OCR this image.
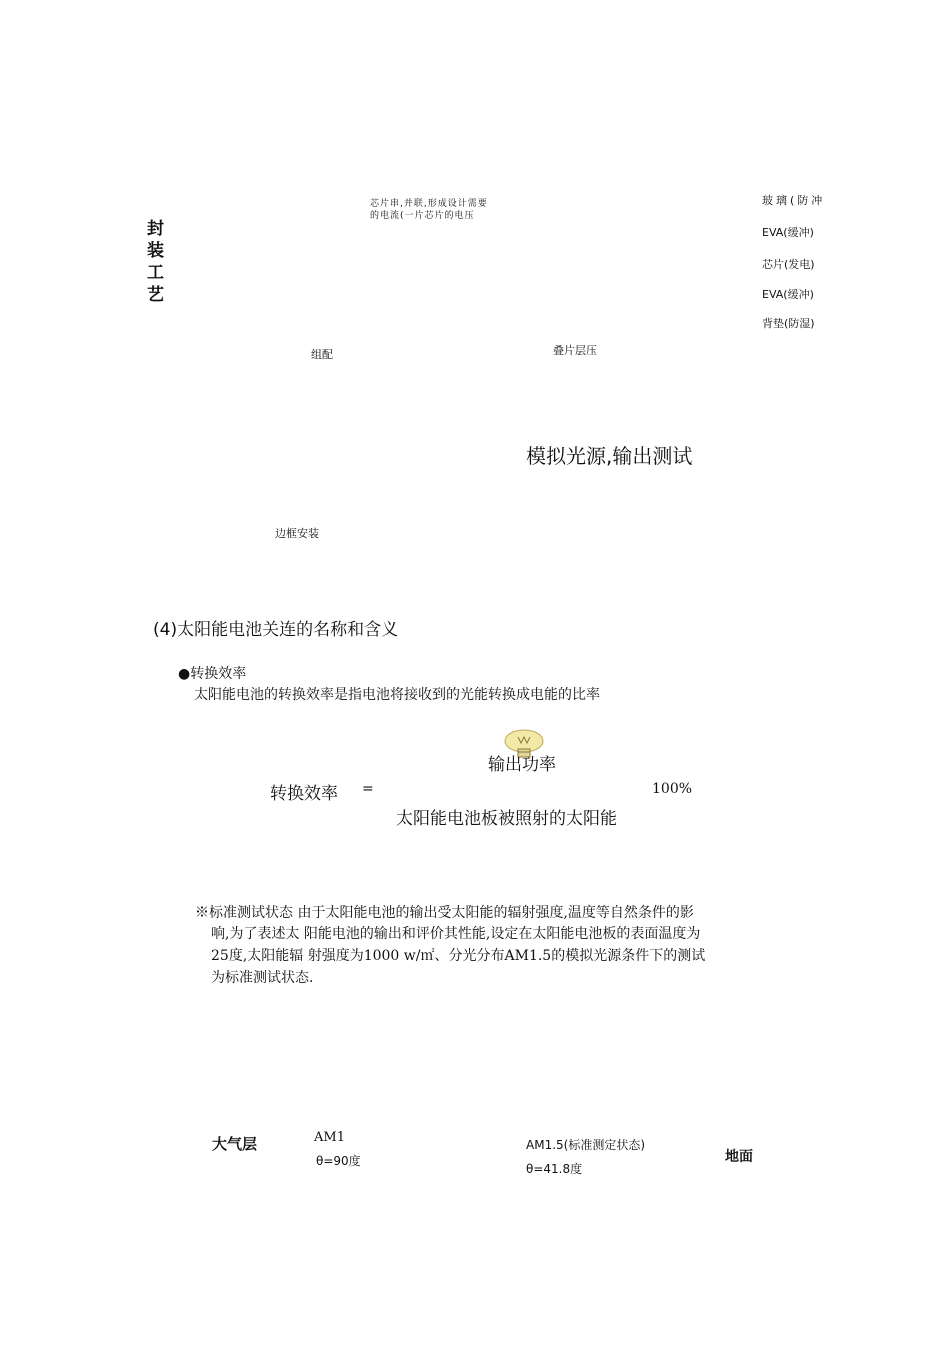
封装工艺
芯片串,并联,形成设计需要的电流(一片芯片的电压
玻璃(防冲
EVA(缓冲)
芯片(发电)
EVA(缓冲)
背垫(防湿)
组配	叠片层压
模拟光源,输出测试
边框安装
(4)太阳能电池关连的名称和含义
●转换效率
太阳能电池的转换效率是指电池将接收到的光能转换成电能的比率
输出功率
转换效率 =	100%
太阳能电池板被照射的太阳能
※标准测试状态 由于太阳能电池的输出受太阳能的辐射强度,温度等自然条件的影
响,为了表述太 阳能电池的输出和评价其性能,设定在太阳能电池板的表面温度为
25度,太阳能辐 射强度为1000 w/㎡、分光分布AM1.5的模拟光源条件下的测试
为标准测试状态.
大气层	AM1
θ=90度
AM1.5(标准测定状态)
θ=41.8度
地面
